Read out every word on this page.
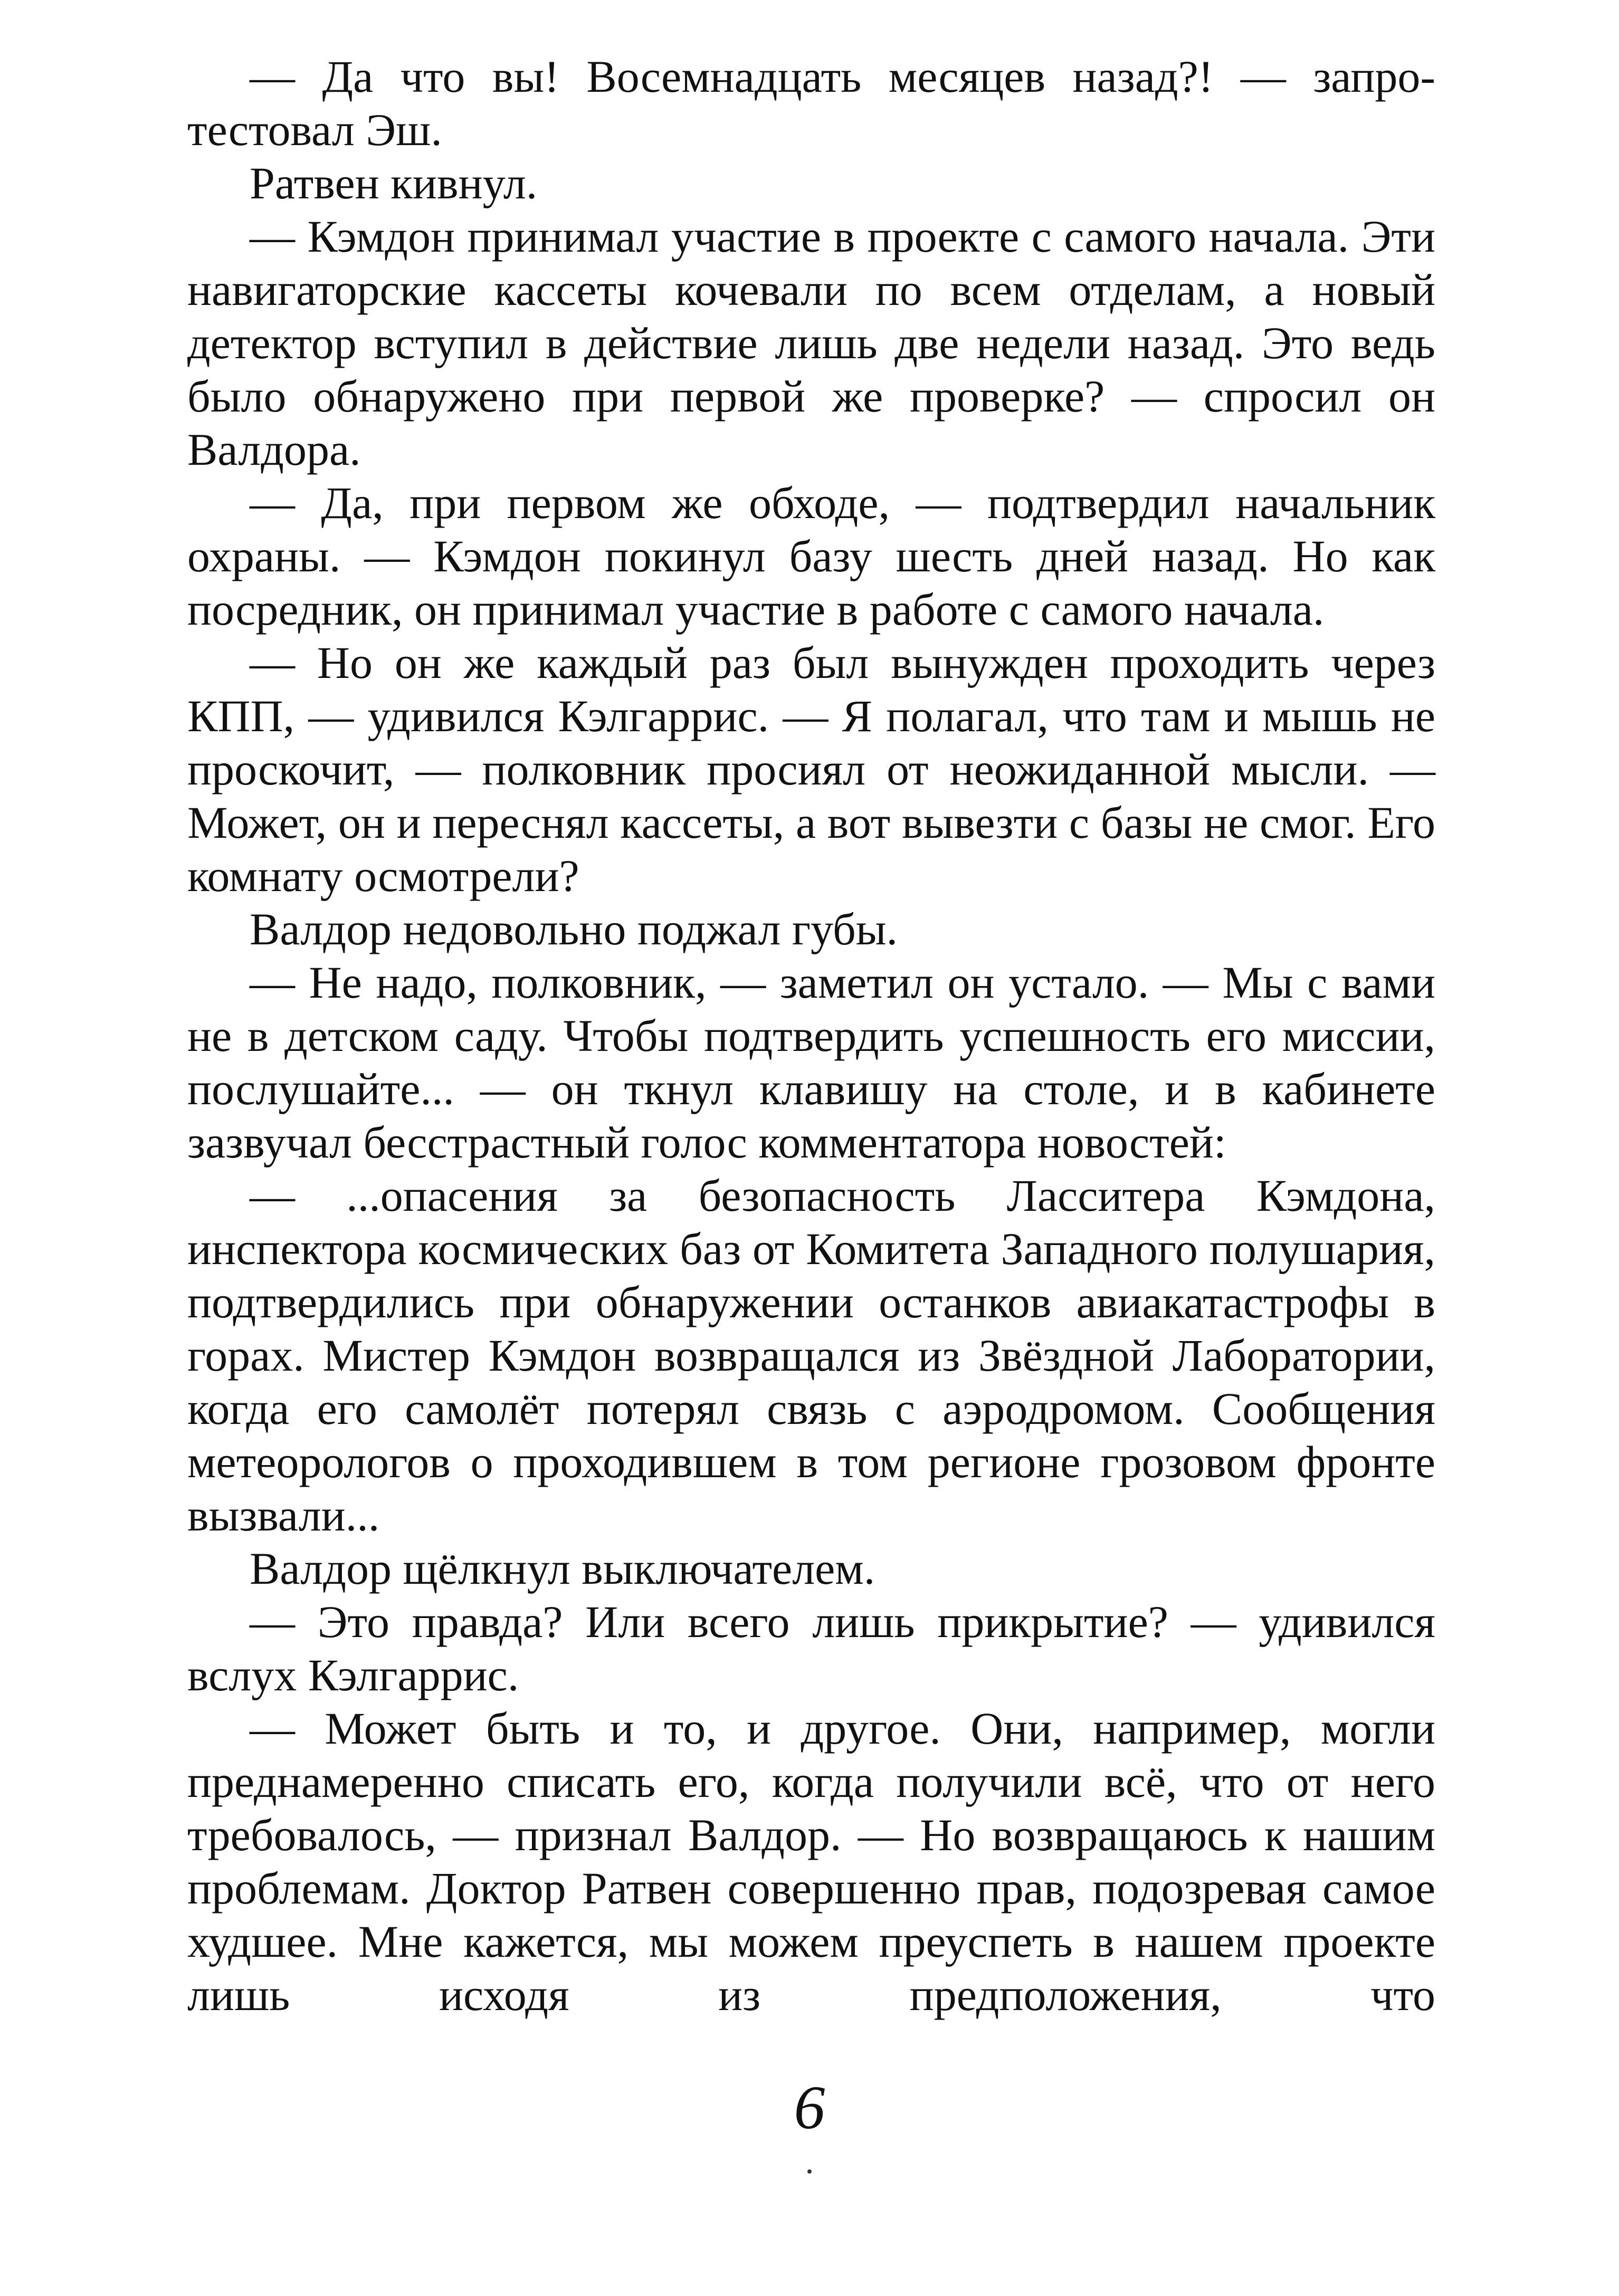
— Да что вы! Восемнадцать месяцев назад?! — запротестовал Эш.

Ратвен кивнул.

— Кэмдон принимал участие в проекте с самого начала. Эти навигаторские кассеты кочевали по всем отделам, а новый детектор вступил в действие лишь две недели назад. Это ведь было обнаружено при первой же проверке? — спросил он Валдора.

— Да, при первом же обходе, — подтвердил начальник охраны. — Кэмдон покинул базу шесть дней назад. Но как посредник, он принимал участие в работе с самого начала.

— Но он же каждый раз был вынужден проходить через КПП, — удивился Кэлгаррис. — Я полагал, что там и мышь не проскочит, — полковник просиял от неожиданной мысли. — Может, он и переснял кассеты, а вот вывезти с базы не смог. Его комнату осмотрели?

Валдор недовольно поджал губы.

— Не надо, полковник, — заметил он устало. — Мы с вами не в детском саду. Чтобы подтвердить успешность его миссии, послушайте... — он ткнул клавишу на столе, и в кабинете зазвучал бесстрастный голос комментатора новостей:

— ...опасения за безопасность Ласситера Кэмдона, инспектора космических баз от Комитета Западного полушария, подтвердились при обнаружении останков авиакатастрофы в горах. Мистер Кэмдон возвращался из Звёздной Лаборатории, когда его самолёт потерял связь с аэродромом. Сообщения метеорологов о проходившем в том регионе грозовом фронте вызвали...

Валдор щёлкнул выключателем.

— Это правда? Или всего лишь прикрытие? — удивился вслух Кэлгаррис.

— Может быть и то, и другое. Они, например, могли преднамеренно списать его, когда получили всё, что от него требовалось, — признал Валдор. — Но возвращаюсь к нашим проблемам. Доктор Ратвен совершенно прав, подозревая самое худшее. Мне кажется, мы можем преуспеть в нашем проекте лишь исходя из предположения, что

6
